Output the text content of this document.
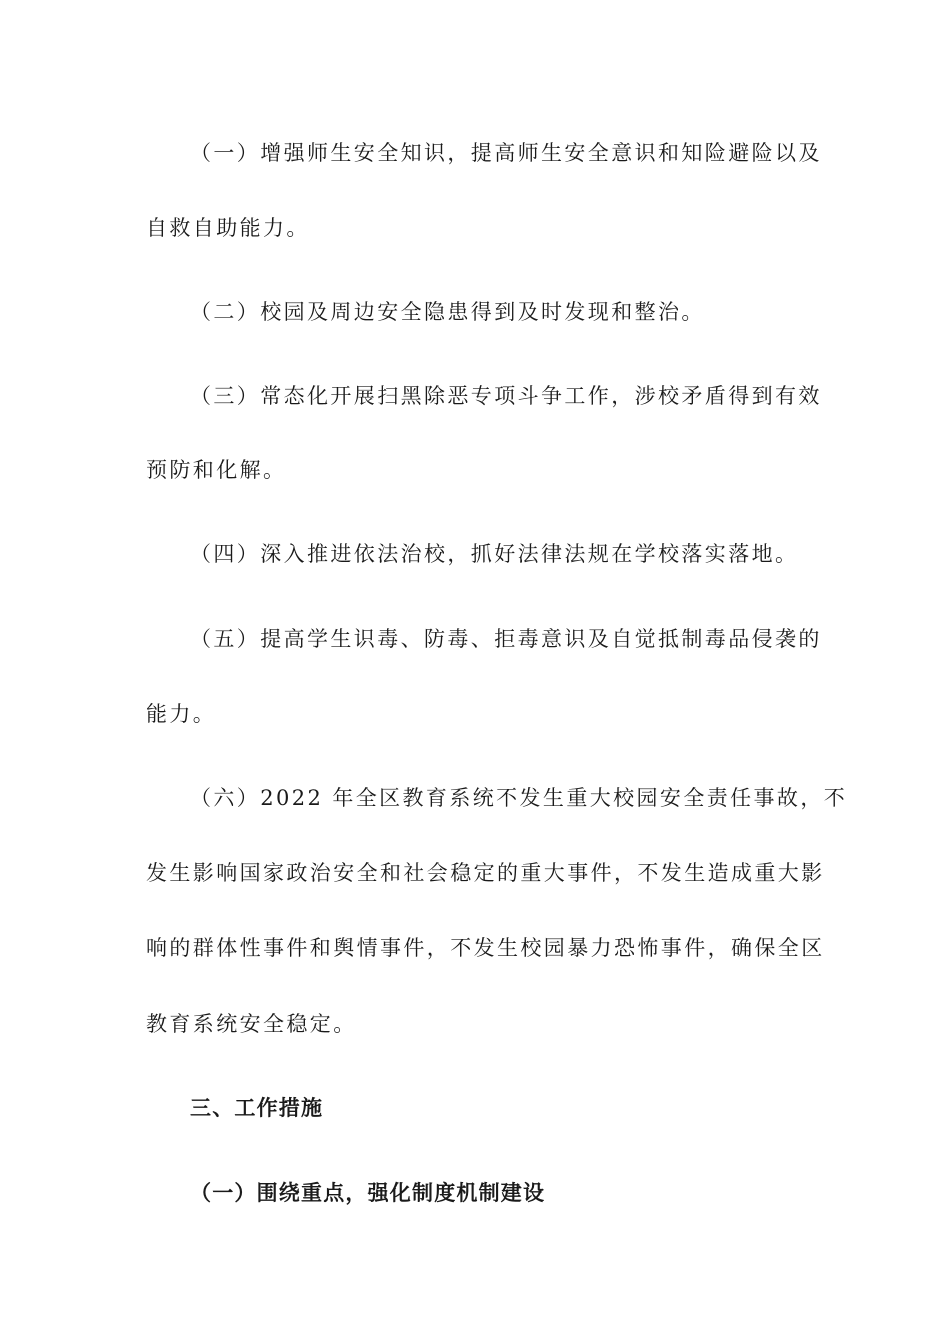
（一）增强师生安全知识，提高师生安全意识和知险避险以及
自救自助能力。
（二）校园及周边安全隐患得到及时发现和整治。
（三）常态化开展扫黑除恶专项斗争工作，涉校矛盾得到有效
预防和化解。
（四）深入推进依法治校，抓好法律法规在学校落实落地。
（五）提高学生识毒、防毒、拒毒意识及自觉抵制毒品侵袭的
能力。
（六）2022 年全区教育系统不发生重大校园安全责任事故，不
发生影响国家政治安全和社会稳定的重大事件，不发生造成重大影
响的群体性事件和舆情事件，不发生校园暴力恐怖事件，确保全区
教育系统安全稳定。
三、工作措施
（一）围绕重点，强化制度机制建设
